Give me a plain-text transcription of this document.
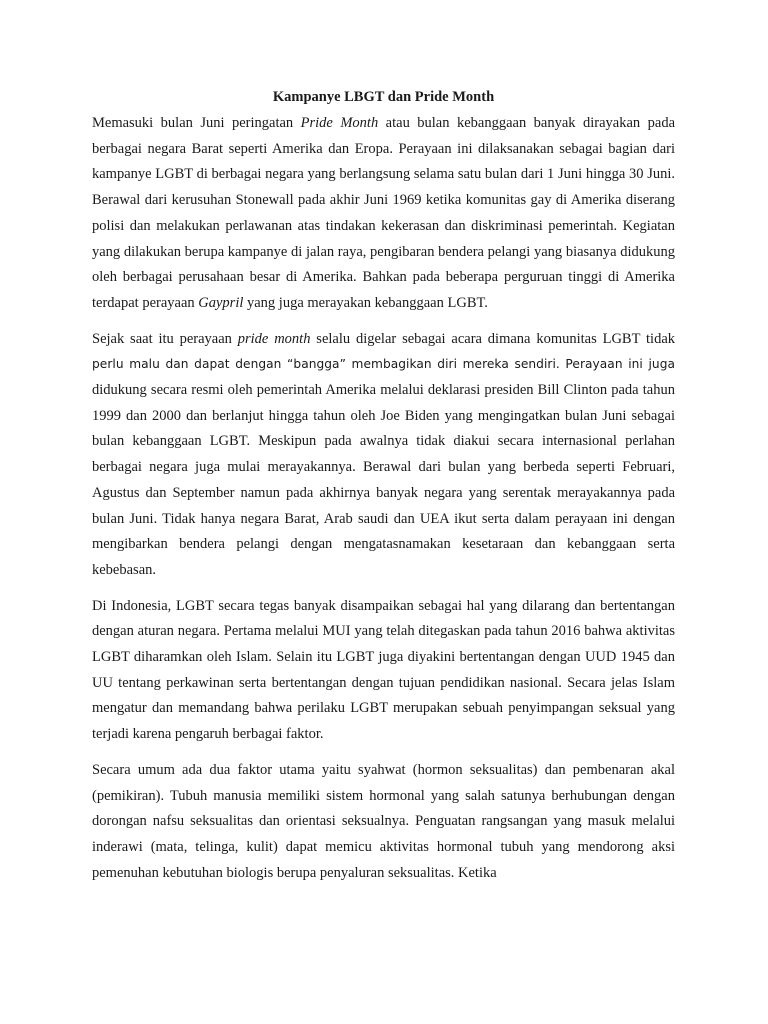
Kampanye LBGT dan Pride Month

Memasuki bulan Juni peringatan Pride Month atau bulan kebanggaan banyak dirayakan pada berbagai negara Barat seperti Amerika dan Eropa. Perayaan ini dilaksanakan sebagai bagian dari kampanye LGBT di berbagai negara yang berlangsung selama satu bulan dari 1 Juni hingga 30 Juni. Berawal dari kerusuhan Stonewall pada akhir Juni 1969 ketika komunitas gay di Amerika diserang polisi dan melakukan perlawanan atas tindakan kekerasan dan diskriminasi pemerintah. Kegiatan yang dilakukan berupa kampanye di jalan raya, pengibaran bendera pelangi yang biasanya didukung oleh berbagai perusahaan besar di Amerika. Bahkan pada beberapa perguruan tinggi di Amerika terdapat perayaan Gaypril yang juga merayakan kebanggaan LGBT.

Sejak saat itu perayaan pride month selalu digelar sebagai acara dimana komunitas LGBT tidak perlu malu dan dapat dengan “bangga” membagikan diri mereka sendiri. Perayaan ini juga didukung secara resmi oleh pemerintah Amerika melalui deklarasi presiden Bill Clinton pada tahun 1999 dan 2000 dan berlanjut hingga tahun oleh Joe Biden yang mengingatkan bulan Juni sebagai bulan kebanggaan LGBT. Meskipun pada awalnya tidak diakui secara internasional perlahan berbagai negara juga mulai merayakannya. Berawal dari bulan yang berbeda seperti Februari, Agustus dan September namun pada akhirnya banyak negara yang serentak merayakannya pada bulan Juni. Tidak hanya negara Barat, Arab saudi dan UEA ikut serta dalam perayaan ini dengan mengibarkan bendera pelangi dengan mengatasnamakan kesetaraan dan kebanggaan serta kebebasan.

Di Indonesia, LGBT secara tegas banyak disampaikan sebagai hal yang dilarang dan bertentangan dengan aturan negara. Pertama melalui MUI yang telah ditegaskan pada tahun 2016 bahwa aktivitas LGBT diharamkan oleh Islam. Selain itu LGBT juga diyakini bertentangan dengan UUD 1945 dan UU tentang perkawinan serta bertentangan dengan tujuan pendidikan nasional. Secara jelas Islam mengatur dan memandang bahwa perilaku LGBT merupakan sebuah penyimpangan seksual yang terjadi karena pengaruh berbagai faktor.

Secara umum ada dua faktor utama yaitu syahwat (hormon seksualitas) dan pembenaran akal (pemikiran). Tubuh manusia memiliki sistem hormonal yang salah satunya berhubungan dengan dorongan nafsu seksualitas dan orientasi seksualnya. Penguatan rangsangan yang masuk melalui inderawi (mata, telinga, kulit) dapat memicu aktivitas hormonal tubuh yang mendorong aksi pemenuhan kebutuhan biologis berupa penyaluran seksualitas. Ketika
